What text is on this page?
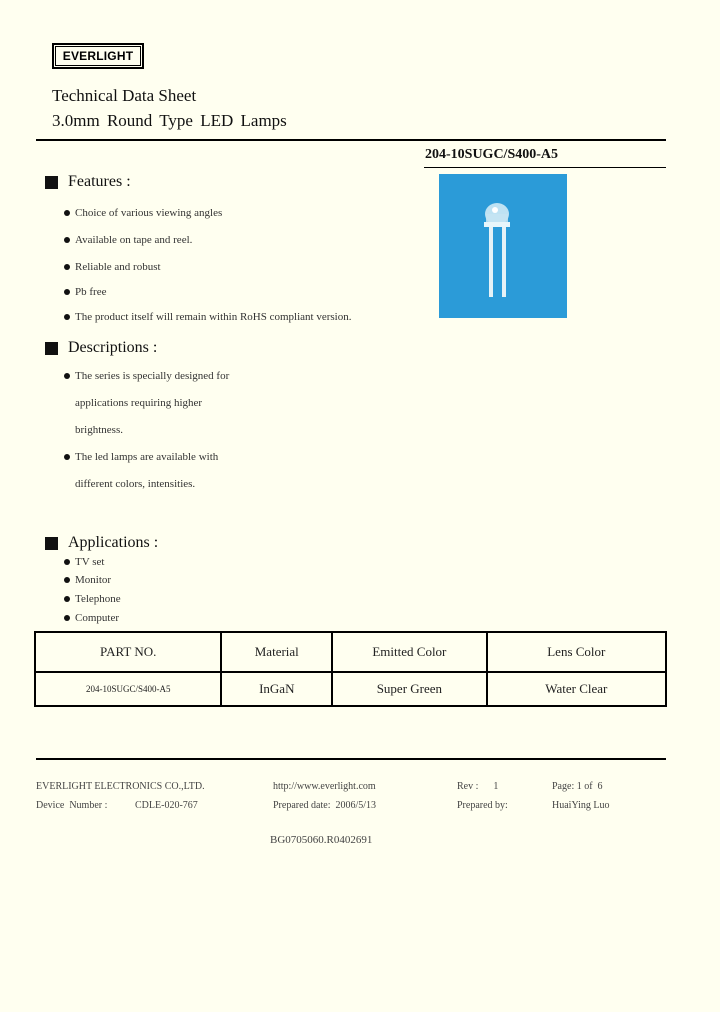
EVERLIGHT
Technical Data Sheet
3.0mm Round Type LED Lamps
204-10SUGC/S400-A5
Features :
Choice of various viewing angles
Available on tape and reel.
Reliable and robust
Pb free
The product itself will remain within RoHS compliant version.
Descriptions :
The series is specially designed for
applications requiring higher
brightness.
The led lamps are available with
different colors, intensities.
Applications :
TV set
Monitor
Telephone
Computer
PART NO.	Material	Emitted Color	Lens Color
204-10SUGC/S400-A5	InGaN	Super Green	Water Clear
EVERLIGHT ELECTRONICS CO.,LTD.	http://www.everlight.com	Rev :      1	Page: 1 of  6
Device  Number :	CDLE-020-767	Prepared date:  2006/5/13	Prepared by:	HuaiYing Luo
BG0705060.R0402691
